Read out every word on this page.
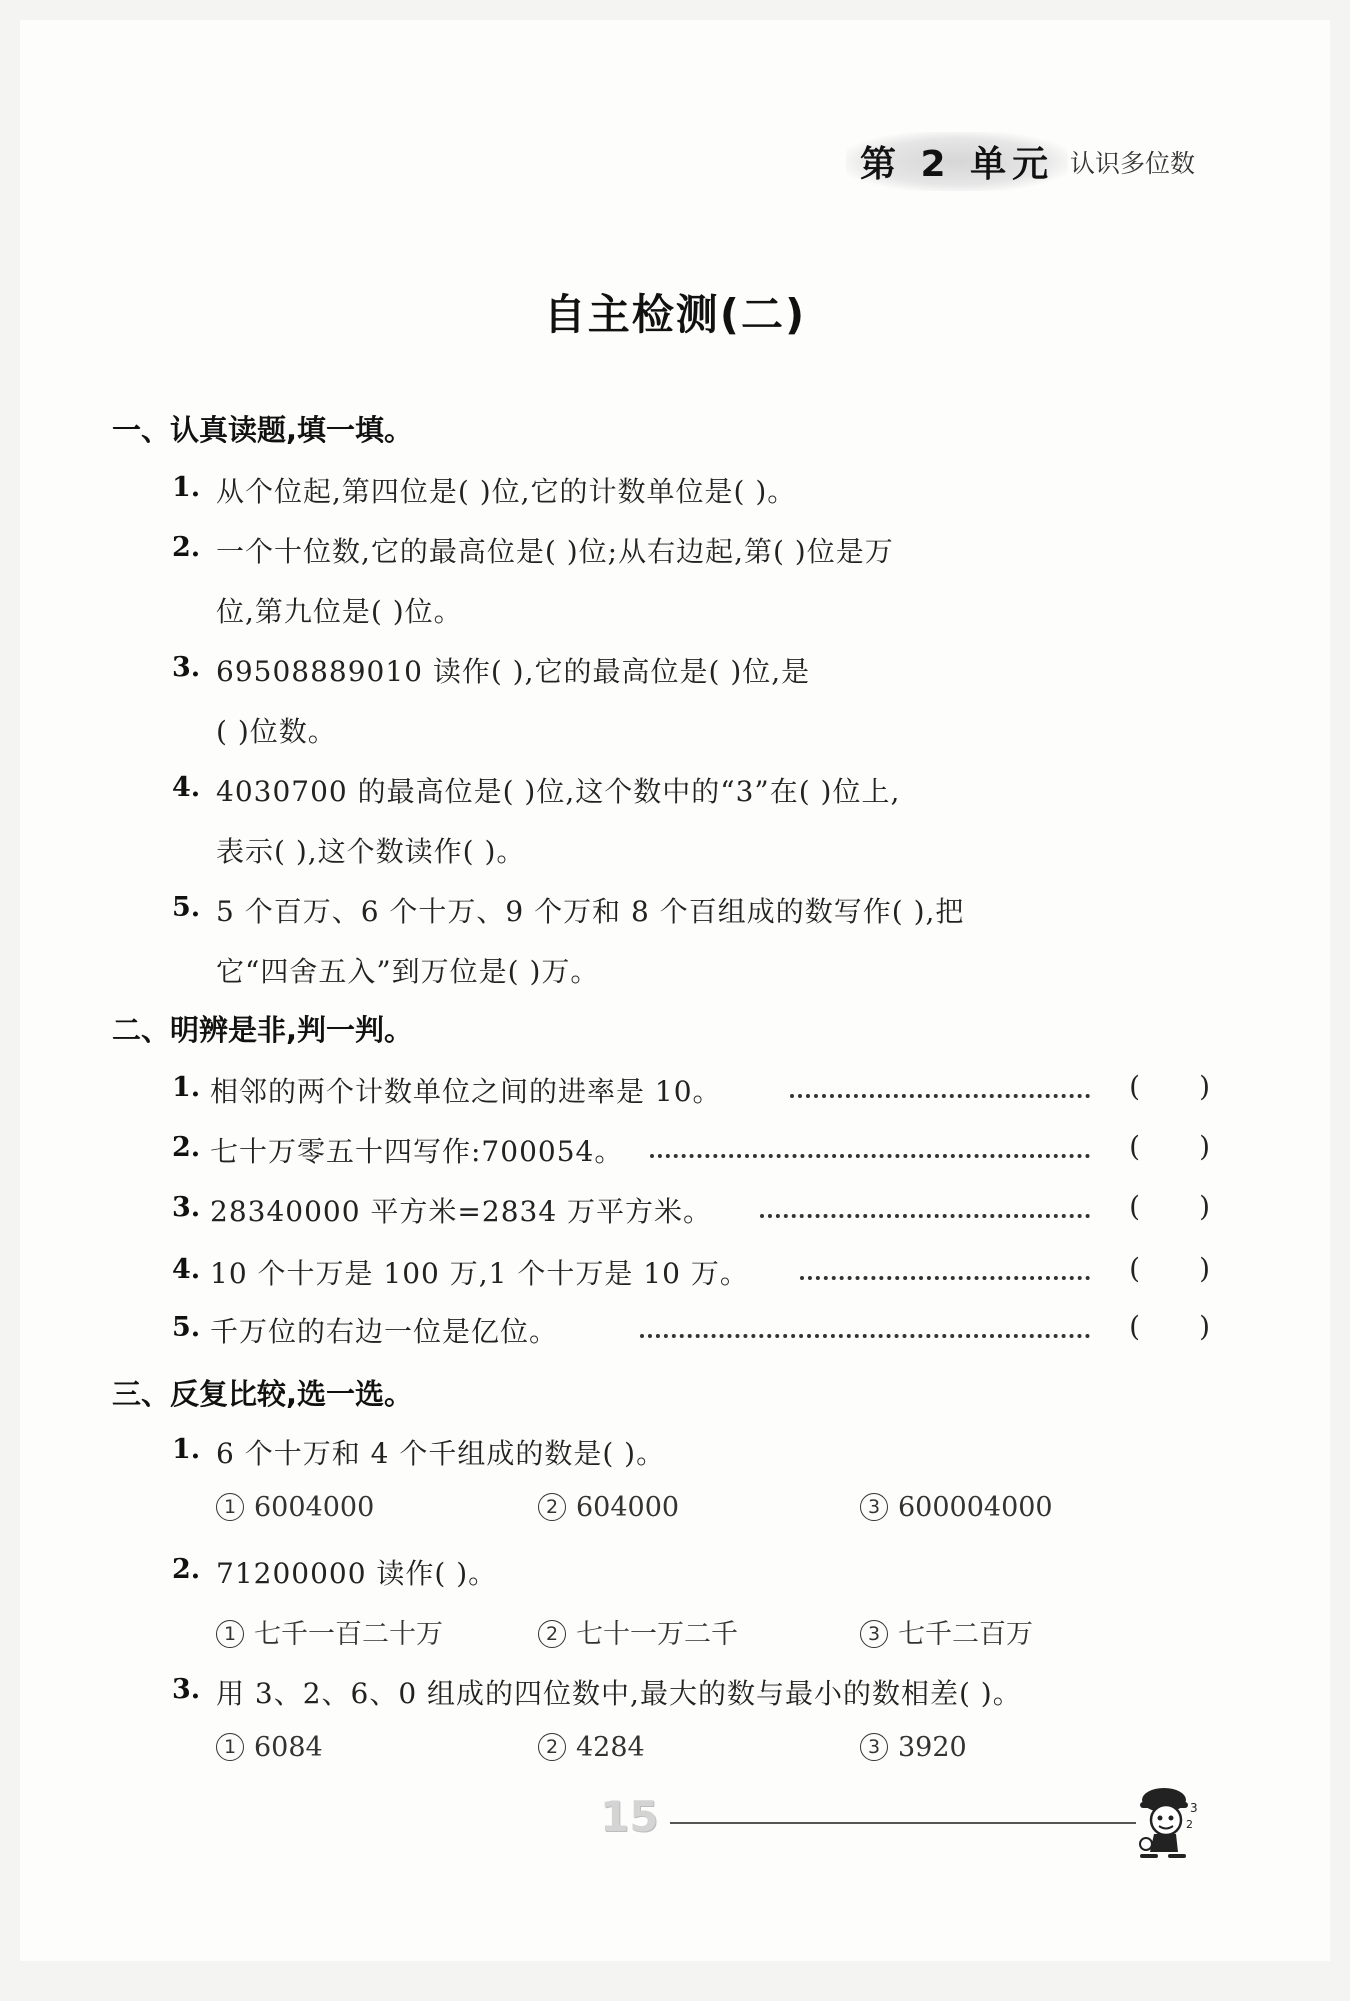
第 2 单元 认识多位数
自主检测(二)
一、认真读题,填一填。
1. 从个位起,第四位是( )位,它的计数单位是( )。
2. 一个十位数,它的最高位是( )位;从右边起,第( )位是万
位,第九位是( )位。
3. 69508889010 读作( ),它的最高位是( )位,是
( )位数。
4. 4030700 的最高位是( )位,这个数中的“3”在( )位上,
表示( ),这个数读作( )。
5. 5 个百万、6 个十万、9 个万和 8 个百组成的数写作( ),把
它“四舍五入”到万位是( )万。
二、明辨是非,判一判。
1. 相邻的两个计数单位之间的进率是 10。	( )
2. 七十万零五十四写作:700054。	( )
3. 28340000 平方米=2834 万平方米。	( )
4. 10 个十万是 100 万,1 个十万是 10 万。	( )
5. 千万位的右边一位是亿位。	( )
三、反复比较,选一选。
1. 6 个十万和 4 个千组成的数是( )。
1 6004000	2 604000	3 600004000
2. 71200000 读作( )。
1 七千一百二十万	2 七十一万二千	3 七千二百万
3. 用 3、2、6、0 组成的四位数中,最大的数与最小的数相差( )。
1 6084	2 4284	3 3920
15	3
2
